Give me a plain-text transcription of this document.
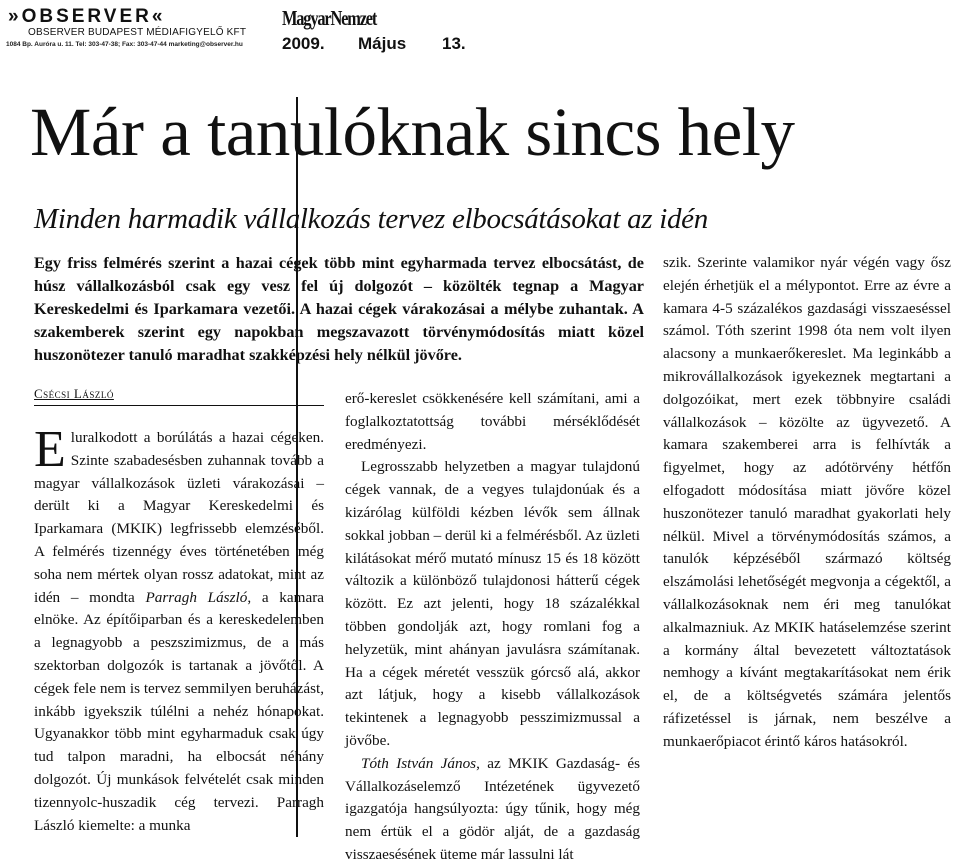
»OBSERVER«
OBSERVER BUDAPEST MÉDIAFIGYELŐ KFT
1084 Bp. Auróra u. 11. Tel: 303-47-38; Fax: 303-47-44 marketing@observer.hu
MagyarNemzet
2009. Május 13.
Már a tanulóknak sincs hely
Minden harmadik vállalkozás tervez elbocsátásokat az idén
Egy friss felmérés szerint a hazai cégek több mint egyharmada tervez elbocsátást, de húsz vállalkozásból csak egy vesz fel új dolgozót – közölték tegnap a Magyar Kereskedelmi és Iparkamara vezetői. A hazai cégek várakozásai a mélybe zuhantak. A szakemberek szerint egy napokban megszavazott törvénymódosítás miatt közel huszonötezer tanuló maradhat szakképzési hely nélkül jövőre.
Csécsi László

Eluralkodott a borúlátás a hazai cégeken. Szinte szabadesésben zuhannak tovább a magyar vállalkozások üzleti várakozásai – derült ki a Magyar Kereskedelmi és Iparkamara (MKIK) legfrissebb elemzéséből. A felmérés tizennégy éves történetében még soha nem mértek olyan rossz adatokat, mint az idén – mondta Parragh László, a kamara elnöke. Az építőiparban és a kereskedelemben a legnagyobb a peszszimizmus, de a más szektorban dolgozók is tartanak a jövőtől. A cégek fele nem is tervez semmilyen beruházást, inkább igyekszik túlélni a nehéz hónapokat. Ugyanakkor több mint egyharmaduk csak úgy tud talpon maradni, ha elbocsát néhány dolgozót. Új munkások felvételét csak minden tizennyolc-huszadik cég tervezi. Parragh László kiemelte: a munka

erő-kereslet csökkenésére kell számítani, ami a foglalkoztatottság további mérséklődését eredményezi.

Legrosszabb helyzetben a magyar tulajdonú cégek vannak, de a vegyes tulajdonúak és a kizárólag külföldi kézben lévők sem állnak sokkal jobban – derül ki a felmérésből. Az üzleti kilátásokat mérő mutató mínusz 15 és 18 között változik a különböző tulajdonosi hátterű cégek között. Ez azt jelenti, hogy 18 százalékkal többen gondolják azt, hogy romlani fog a helyzetük, mint ahányan javulásra számítanak. Ha a cégek méretét vesszük górcső alá, akkor azt látjuk, hogy a kisebb vállalkozások tekintenek a legnagyobb pesszimizmussal a jövőbe.

Tóth István János, az MKIK Gazdaság- és Vállalkozáselemző Intézetének ügyvezető igazgatója hangsúlyozta: úgy tűnik, hogy még nem értük el a gödör alját, de a gazdaság visszaesésének üteme már lassulni lát

szik. Szerinte valamikor nyár végén vagy ősz elején érhetjük el a mélypontot. Erre az évre a kamara 4-5 százalékos gazdasági visszaeséssel számol. Tóth szerint 1998 óta nem volt ilyen alacsony a munkaerőkereslet. Ma leginkább a mikrovállalkozások igyekeznek megtartani a dolgozóikat, mert ezek többnyire családi vállalkozások – közölte az ügyvezető. A kamara szakemberei arra is felhívták a figyelmet, hogy az adótörvény hétfőn elfogadott módosítása miatt jövőre közel huszonötezer tanuló maradhat gyakorlati hely nélkül. Mivel a törvénymódosítás számos, a tanulók képzéséből származó költség elszámolási lehetőségét megvonja a cégektől, a vállalkozásoknak nem éri meg tanulókat alkalmazniuk. Az MKIK hatáselemzése szerint a kormány által bevezetett változtatások nemhogy a kívánt megtakarításokat nem érik el, de a költségvetés számára jelentős ráfizetéssel is járnak, nem beszélve a munkaerőpiacot érintő káros hatásokról.
